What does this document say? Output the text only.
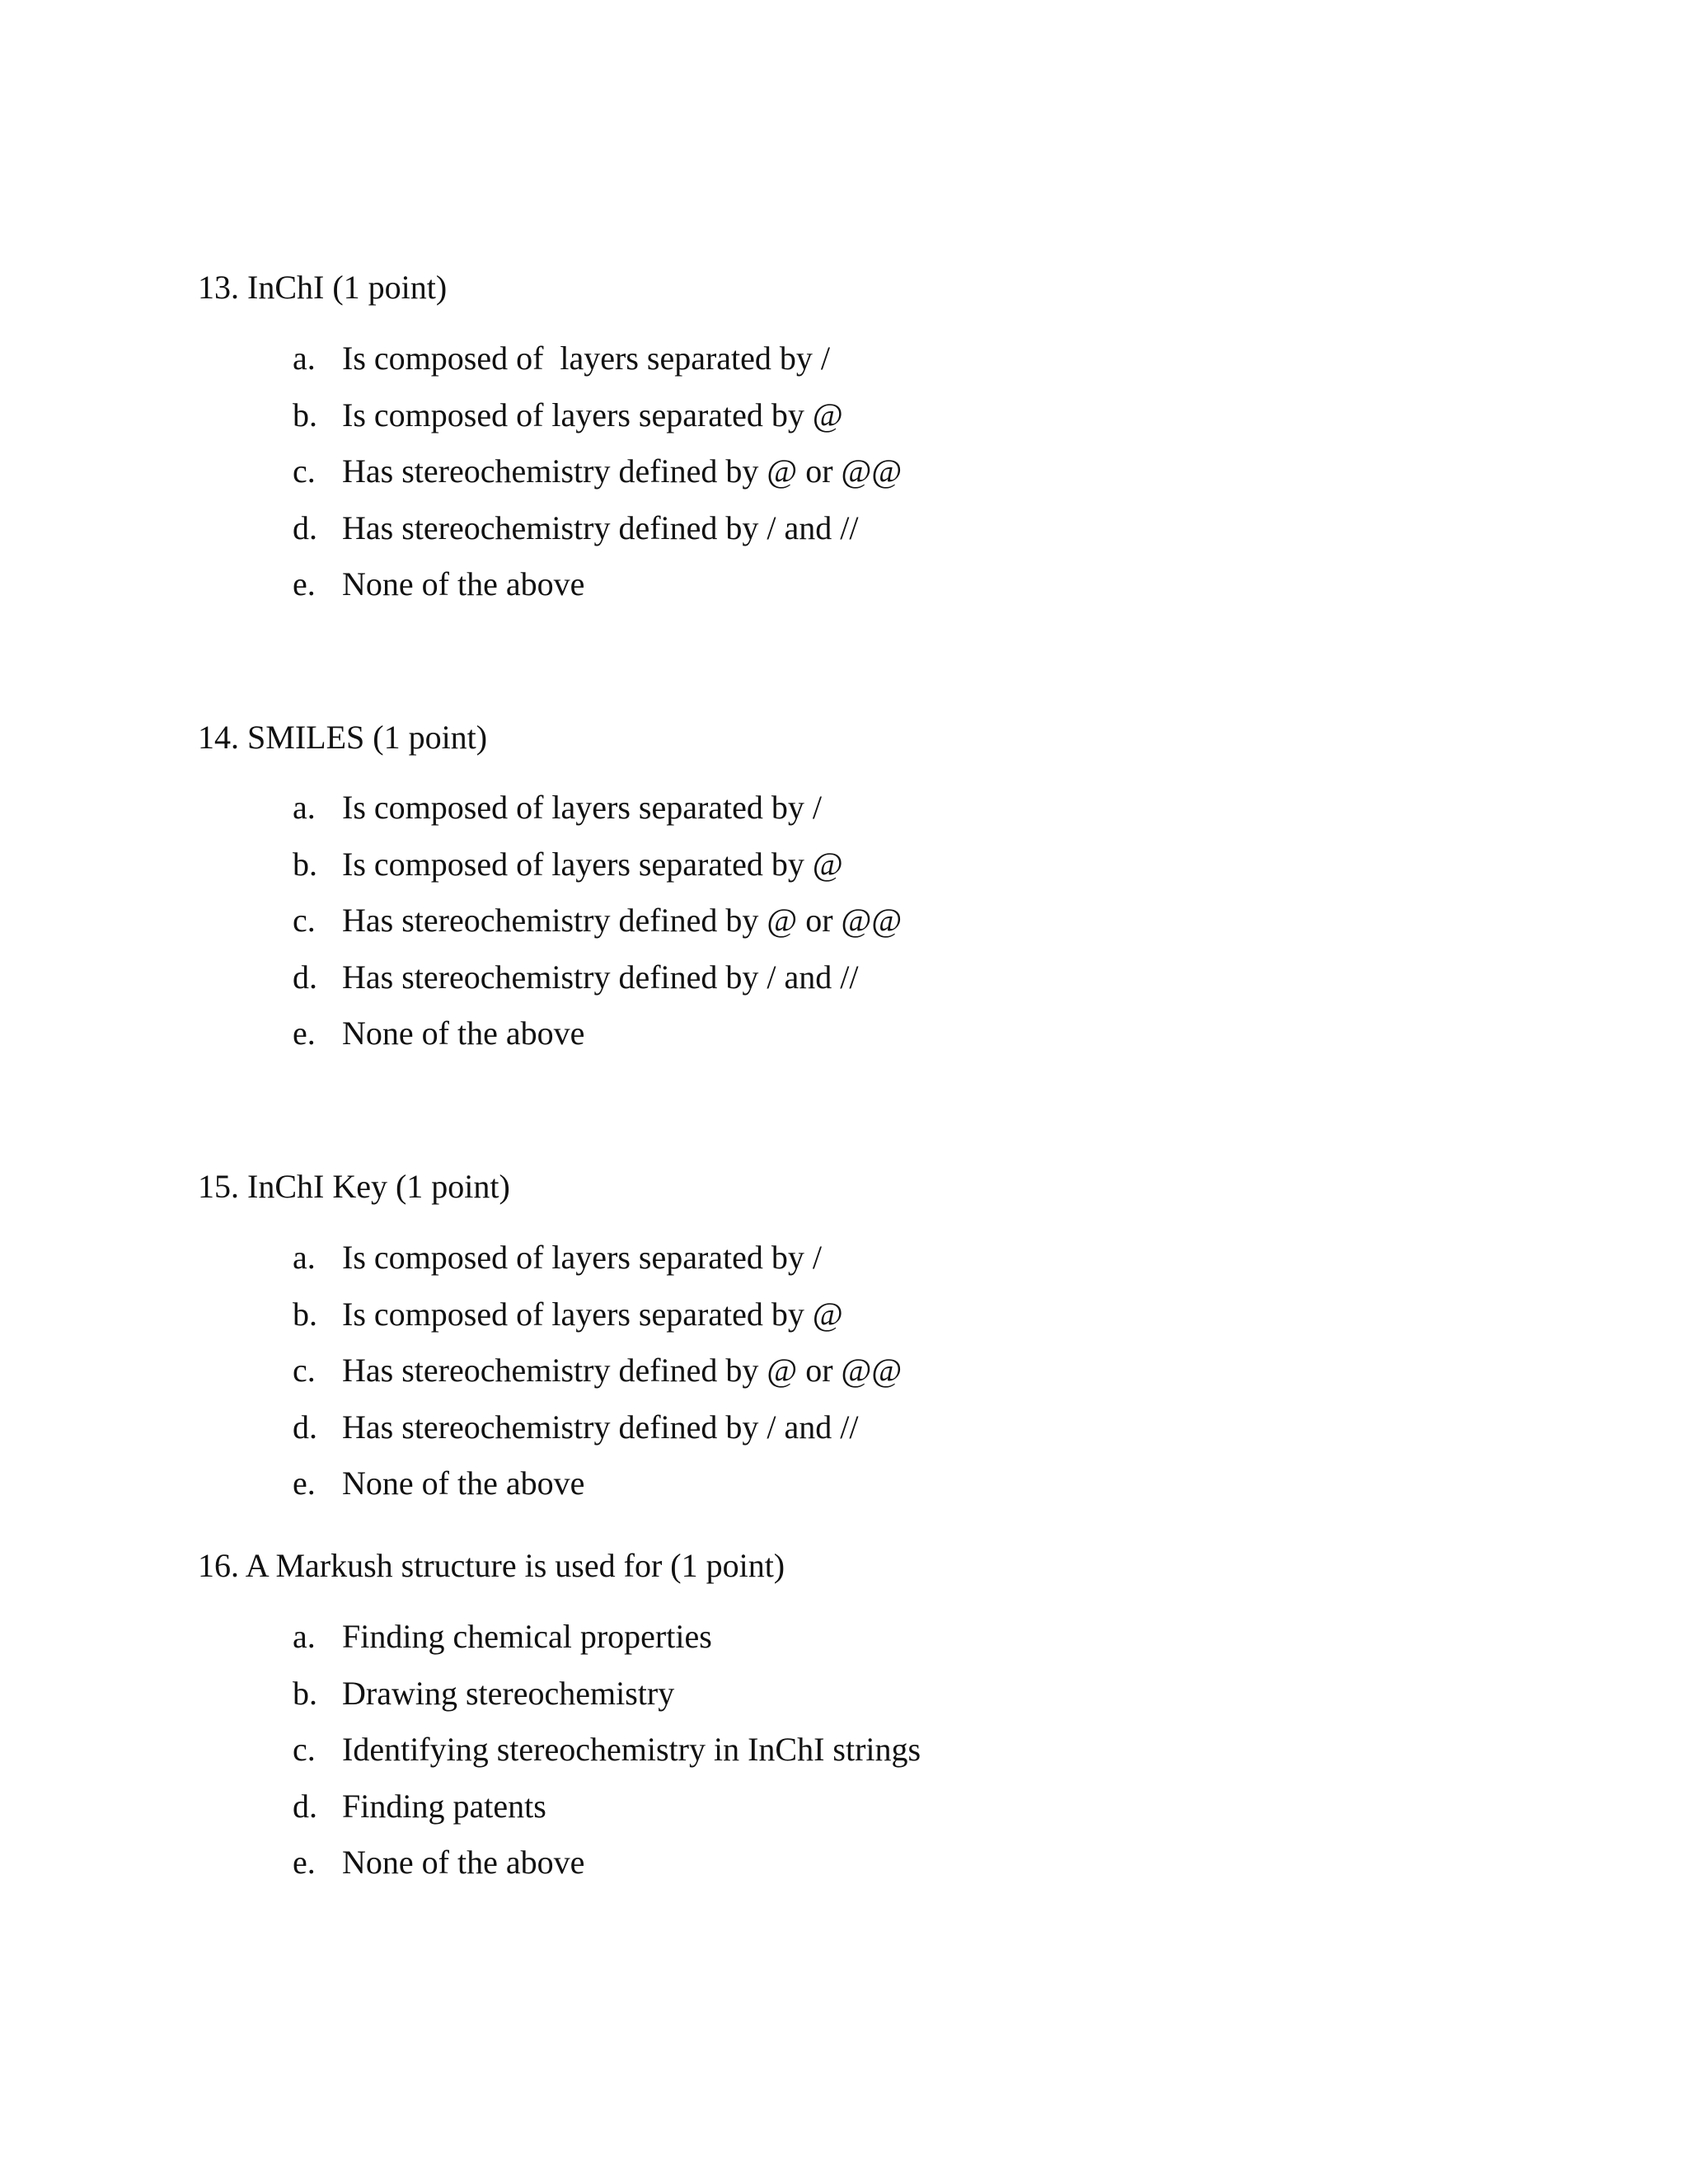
13. InChI (1 point)
a. Is composed of  layers separated by /
b. Is composed of layers separated by @
c. Has stereochemistry defined by @ or @@
d. Has stereochemistry defined by / and //
e. None of the above
14. SMILES (1 point)
a. Is composed of layers separated by /
b. Is composed of layers separated by @
c. Has stereochemistry defined by @ or @@
d. Has stereochemistry defined by / and //
e. None of the above
15. InChI Key (1 point)
a. Is composed of layers separated by /
b. Is composed of layers separated by @
c. Has stereochemistry defined by @ or @@
d. Has stereochemistry defined by / and //
e. None of the above
16. A Markush structure is used for (1 point)
a. Finding chemical properties
b. Drawing stereochemistry
c. Identifying stereochemistry in InChI strings
d. Finding patents
e. None of the above
